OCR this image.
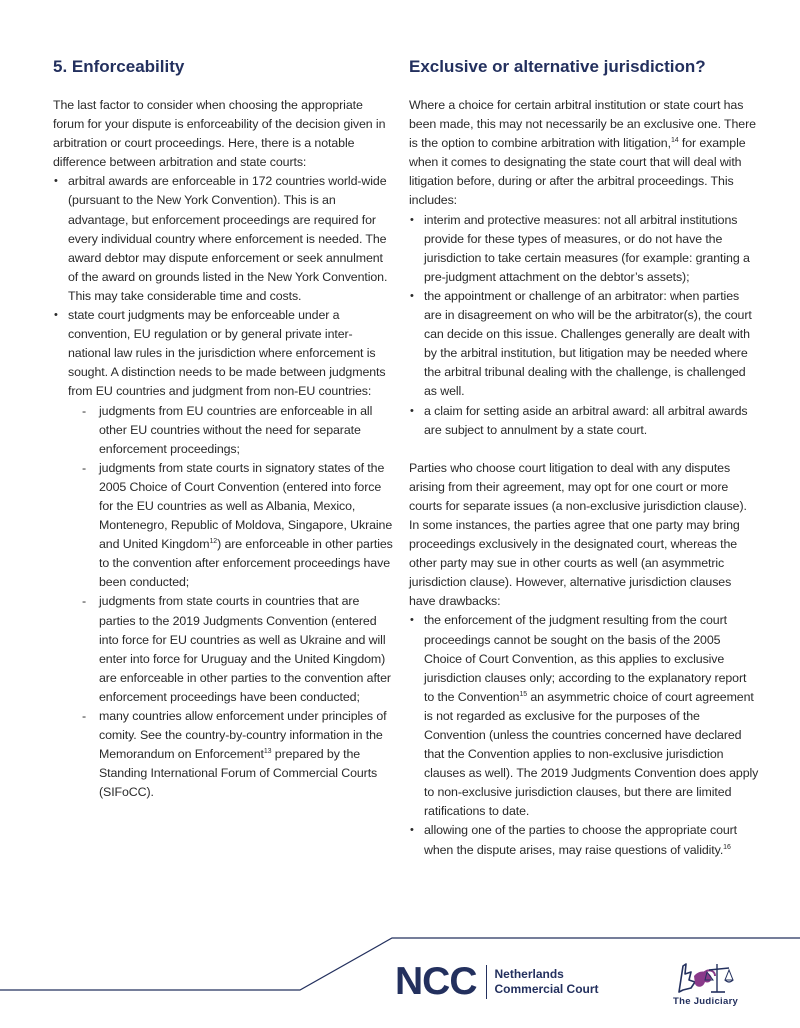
5. Enforceability

The last factor to consider when choosing the appropriate forum for your dispute is enforceability of the decision given in arbitration or court proceedings. Here, there is a notable difference between arbitration and state courts:

• arbitral awards are enforceable in 172 countries world-wide (pursuant to the New York Convention). This is an advantage, but enforcement proceedings are required for every individual country where enforcement is needed. The award debtor may dispute enforcement or seek annulment of the award on grounds listed in the New York Convention. This may take considerable time and costs.
• state court judgments may be enforceable under a convention, EU regulation or by general private inter-national law rules in the jurisdiction where enforcement is sought. A distinction needs to be made between judgments from EU countries and judgment from non-EU countries:
- judgments from EU countries are enforceable in all other EU countries without the need for separate enforcement proceedings;
- judgments from state courts in signatory states of the 2005 Choice of Court Convention (entered into force for the EU countries as well as Albania, Mexico, Montenegro, Republic of Moldova, Singapore, Ukraine and United Kingdom$^{12}$) are enforceable in other parties to the convention after enforcement proceedings have been conducted;
- judgments from state courts in countries that are parties to the 2019 Judgments Convention (entered into force for EU countries as well as Ukraine and will enter into force for Uruguay and the United Kingdom) are enforceable in other parties to the convention after enforcement proceedings have been conducted;
- many countries allow enforcement under principles of comity. See the country-by-country information in the Memorandum on Enforcement$^{13}$ prepared by the Standing International Forum of Commercial Courts (SIFoCC).
Exclusive or alternative jurisdiction?

Where a choice for certain arbitral institution or state court has been made, this may not necessarily be an exclusive one. There is the option to combine arbitration with litigation,$^{14}$ for example when it comes to designating the state court that will deal with litigation before, during or after the arbitral proceedings. This includes:

• interim and protective measures: not all arbitral institutions provide for these types of measures, or do not have the jurisdiction to take certain measures (for example: granting a pre-judgment attachment on the debtor’s assets);
• the appointment or challenge of an arbitrator: when parties are in disagreement on who will be the arbitrator(s), the court can decide on this issue. Challenges generally are dealt with by the arbitral institution, but litigation may be needed where the arbitral tribunal dealing with the challenge, is challenged as well.
• a claim for setting aside an arbitral award: all arbitral awards are subject to annulment by a state court.

Parties who choose court litigation to deal with any disputes arising from their agreement, may opt for one court or more courts for separate issues (a non-exclusive jurisdiction clause). In some instances, the parties agree that one party may bring proceedings exclusively in the designated court, whereas the other party may sue in other courts as well (an asymmetric jurisdiction clause). However, alternative jurisdiction clauses have drawbacks:

• the enforcement of the judgment resulting from the court proceedings cannot be sought on the basis of the 2005 Choice of Court Convention, as this applies to exclusive jurisdiction clauses only; according to the explanatory report to the Convention$^{15}$ an asymmetric choice of court agreement is not regarded as exclusive for the purposes of the Convention (unless the countries concerned have declared that the Convention applies to non-exclusive jurisdiction clauses as well). The 2019 Judgments Convention does apply to non-exclusive jurisdiction clauses, but there are limited ratifications to date.
• allowing one of the parties to choose the appropriate court when the dispute arises, may raise questions of validity.$^{16}$
NCC Netherlands
Commercial Court
The Judiciary
